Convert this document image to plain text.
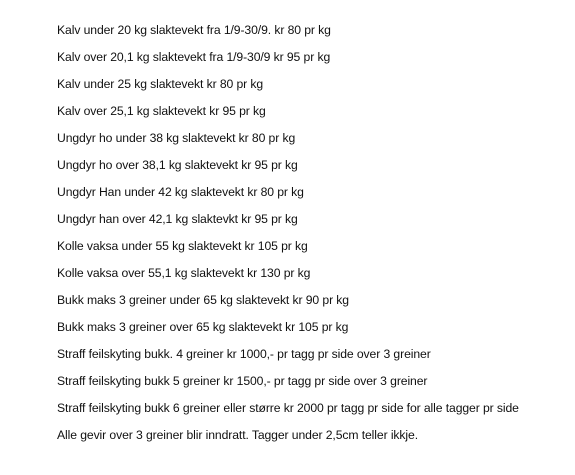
Kalv under 20 kg slaktevekt fra 1/9-30/9. kr 80 pr kg
Kalv over 20,1 kg slaktevekt fra 1/9-30/9 kr 95 pr kg
Kalv under 25 kg slaktevekt kr 80 pr kg
Kalv over 25,1 kg slaktevekt kr 95 pr kg
Ungdyr ho under 38 kg slaktevekt kr 80 pr kg
Ungdyr ho over 38,1 kg slaktevekt kr 95 pr kg
Ungdyr Han under 42 kg slaktevekt kr 80 pr kg
Ungdyr han over 42,1 kg slaktevkt kr 95 pr kg
Kolle vaksa under 55 kg slaktevekt kr 105 pr kg
Kolle vaksa over 55,1 kg slaktevekt kr 130 pr kg
Bukk maks 3 greiner under 65 kg slaktevekt kr 90 pr kg
Bukk maks 3 greiner over 65 kg slaktevekt kr 105 pr kg
Straff feilskyting bukk. 4 greiner kr 1000,- pr tagg pr side over 3 greiner
Straff feilskyting bukk 5 greiner kr 1500,- pr tagg pr side over 3 greiner
Straff feilskyting bukk 6 greiner eller større kr 2000 pr tagg pr side for alle tagger pr side
Alle gevir over 3 greiner blir inndratt. Tagger under 2,5cm teller ikkje.
